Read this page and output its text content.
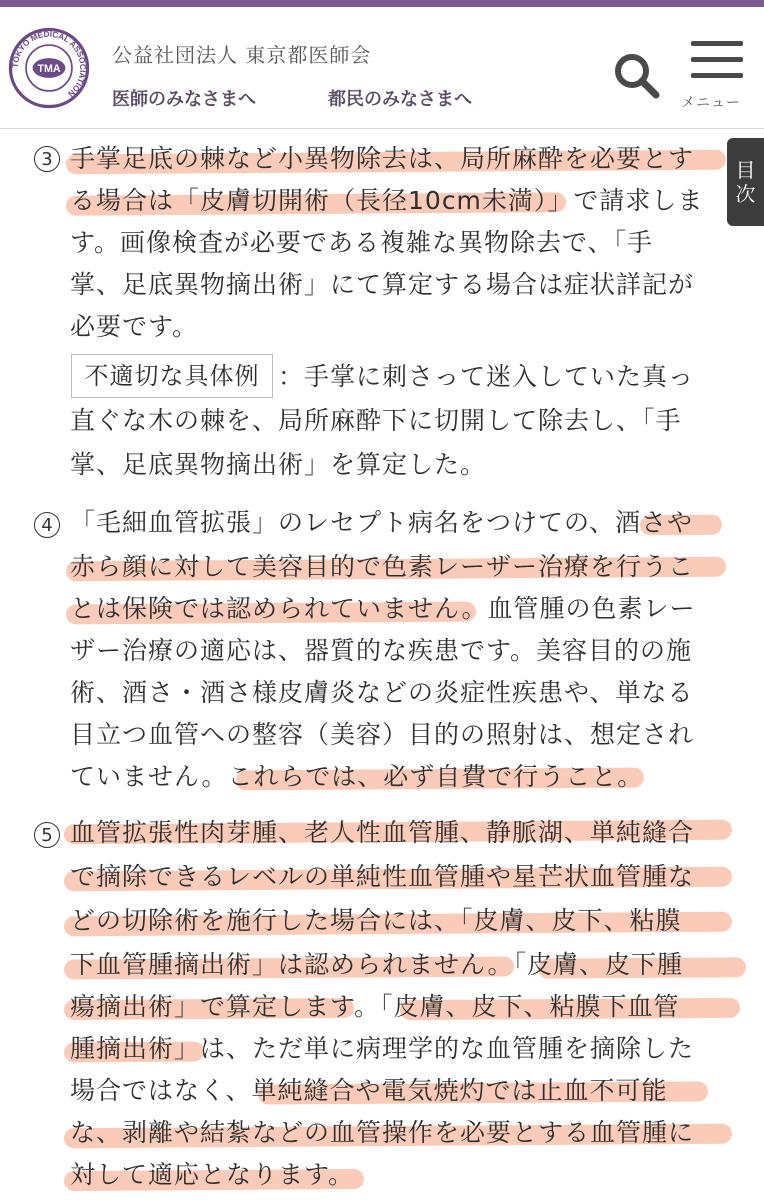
TMA
TOKYO MEDICAL ASSOCIATION
公益社団法人 東京都医師会
医師のみなさまへ	都民のみなさまへ	メニュー
3 手掌足底の棘など小異物除去は、局所麻酔を必要とす
る場合は「皮膚切開術（長径10cm未満）」で請求しま
す。画像検査が必要である複雑な異物除去で、「手
掌、足底異物摘出術」にて算定する場合は症状詳記が
必要です。
不適切な具体例 ：手掌に刺さって迷入していた真っ
直ぐな木の棘を、局所麻酔下に切開して除去し、「手
掌、足底異物摘出術」を算定した。
4 「毛細血管拡張」のレセプト病名をつけての、酒さや
赤ら顔に対して美容目的で色素レーザー治療を行うこ
とは保険では認められていません。血管腫の色素レー
ザー治療の適応は、器質的な疾患です。美容目的の施
術、酒さ・酒さ様皮膚炎などの炎症性疾患や、単なる
目立つ血管への整容（美容）目的の照射は、想定され
ていません。これらでは、必ず自費で行うこと。
5 血管拡張性肉芽腫、老人性血管腫、静脈湖、単純縫合
で摘除できるレベルの単純性血管腫や星芒状血管腫な
どの切除術を施行した場合には、「皮膚、皮下、粘膜
下血管腫摘出術」は認められません。「皮膚、皮下腫
瘍摘出術」で算定します。「皮膚、皮下、粘膜下血管
腫摘出術」は、ただ単に病理学的な血管腫を摘除した
場合ではなく、単純縫合や電気焼灼では止血不可能
な、剥離や結紮などの血管操作を必要とする血管腫に
対して適応となります。
目
次
